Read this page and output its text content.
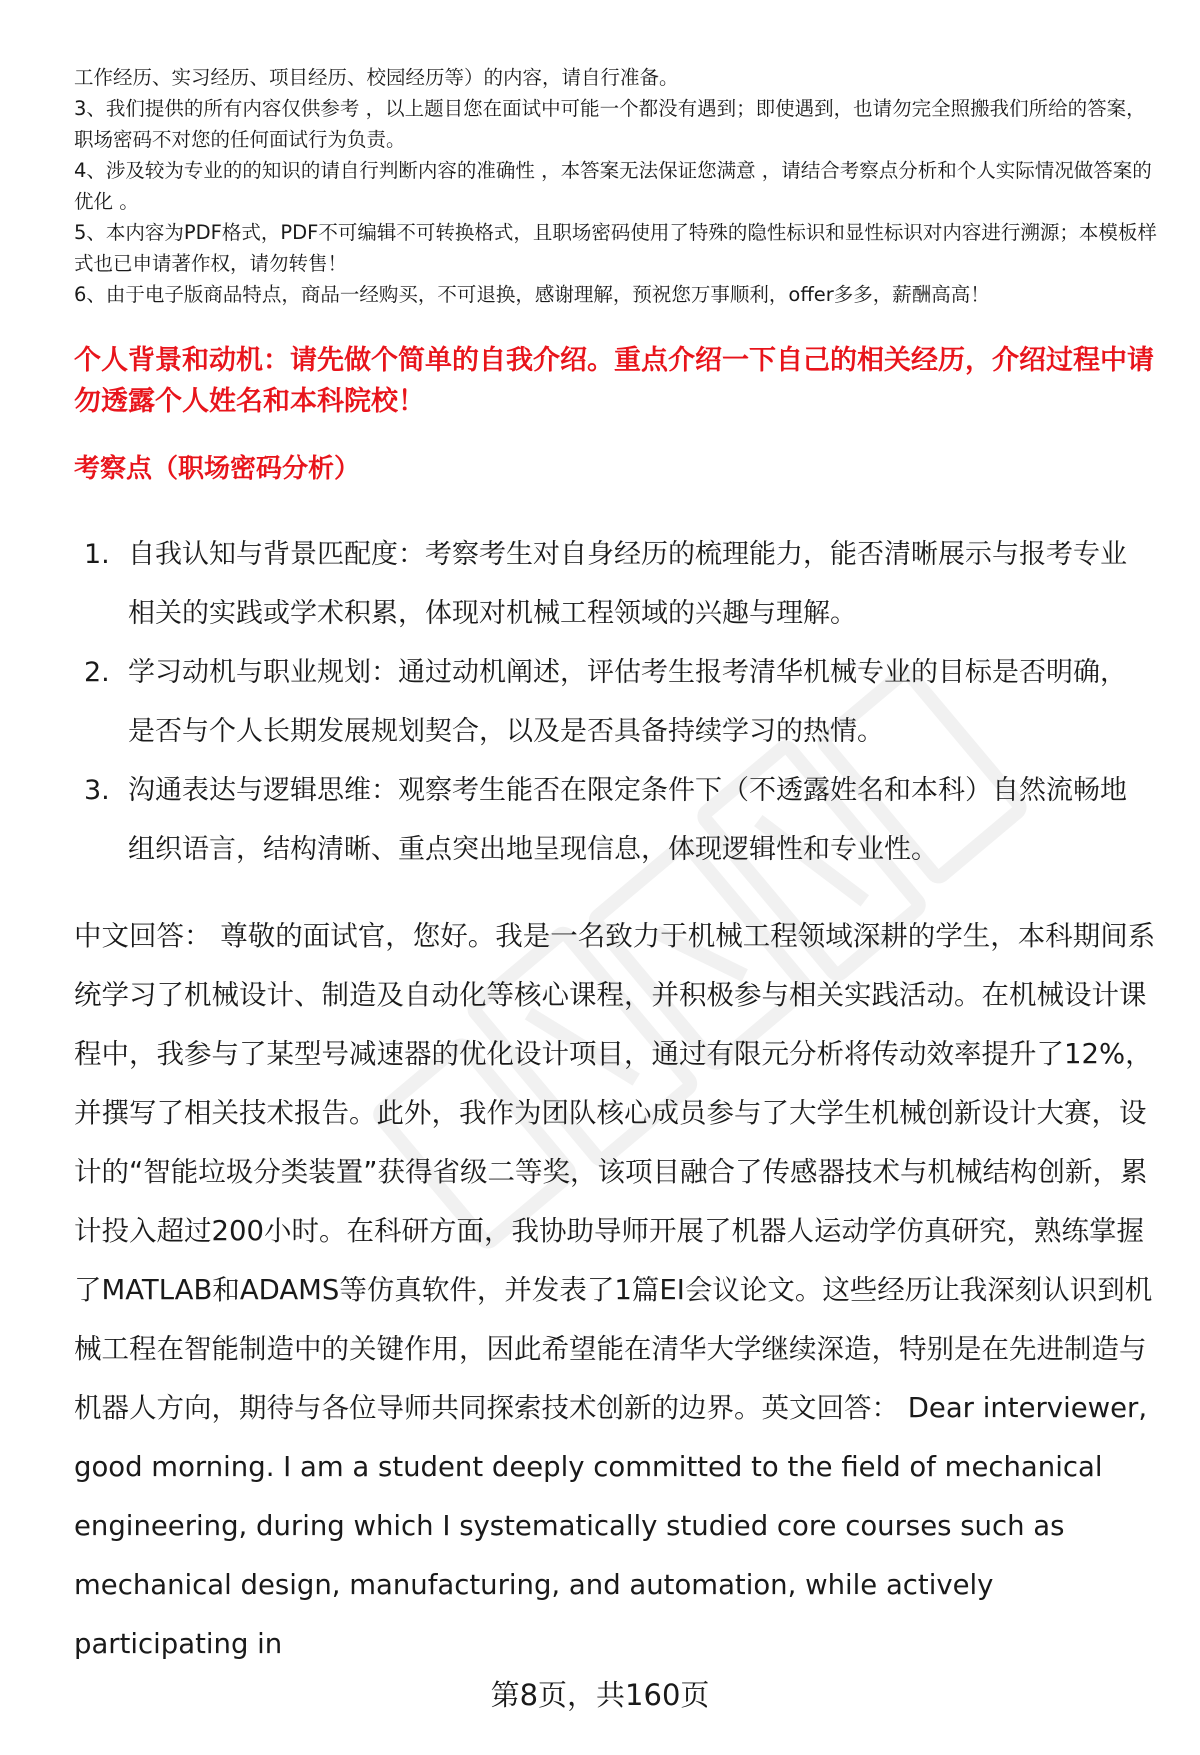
工作经历、实习经历、项目经历、校园经历等）的内容，请自行准备。

3、我们提供的所有内容仅供参考 ，以上题目您在面试中可能一个都没有遇到；即使遇到，也请勿完全照搬我们所给的答案，职场密码不对您的任何面试行为负责。

4、涉及较为专业的的知识的请自行判断内容的准确性 ，本答案无法保证您满意 ，请结合考察点分析和个人实际情况做答案的优化 。

5、本内容为PDF格式，PDF不可编辑不可转换格式，且职场密码使用了特殊的隐性标识和显性标识对内容进行溯源；本模板样式也已申请著作权，请勿转售！

6、由于电子版商品特点，商品一经购买，不可退换，感谢理解，预祝您万事顺利，offer多多，薪酬高高！

个人背景和动机：请先做个简单的自我介绍。重点介绍一下自己的相关经历，介绍过程中请勿透露个人姓名和本科院校！
考察点（职场密码分析）
1. 自我认知与背景匹配度：考察考生对自身经历的梳理能力，能否清晰展示与报考专业相关的实践或学术积累，体现对机械工程领域的兴趣与理解。
2. 学习动机与职业规划：通过动机阐述，评估考生报考清华机械专业的目标是否明确，是否与个人长期发展规划契合，以及是否具备持续学习的热情。
3. 沟通表达与逻辑思维：观察考生能否在限定条件下（不透露姓名和本科）自然流畅地组织语言，结构清晰、重点突出地呈现信息，体现逻辑性和专业性。

中文回答： 尊敬的面试官，您好。我是一名致力于机械工程领域深耕的学生，本科期间系统学习了机械设计、制造及自动化等核心课程，并积极参与相关实践活动。在机械设计课程中，我参与了某型号减速器的优化设计项目，通过有限元分析将传动效率提升了12%，并撰写了相关技术报告。此外，我作为团队核心成员参与了大学生机械创新设计大赛，设计的“智能垃圾分类装置”获得省级二等奖，该项目融合了传感器技术与机械结构创新，累计投入超过200小时。在科研方面，我协助导师开展了机器人运动学仿真研究，熟练掌握了MATLAB和ADAMS等仿真软件，并发表了1篇EI会议论文。这些经历让我深刻认识到机械工程在智能制造中的关键作用，因此希望能在清华大学继续深造，特别是在先进制造与机器人方向，期待与各位导师共同探索技术创新的边界。英文回答： Dear interviewer, good morning. I am a student deeply committed to the field of mechanical engineering, during which I systematically studied core courses such as mechanical design, manufacturing, and automation, while actively participating in

第8页，共160页
